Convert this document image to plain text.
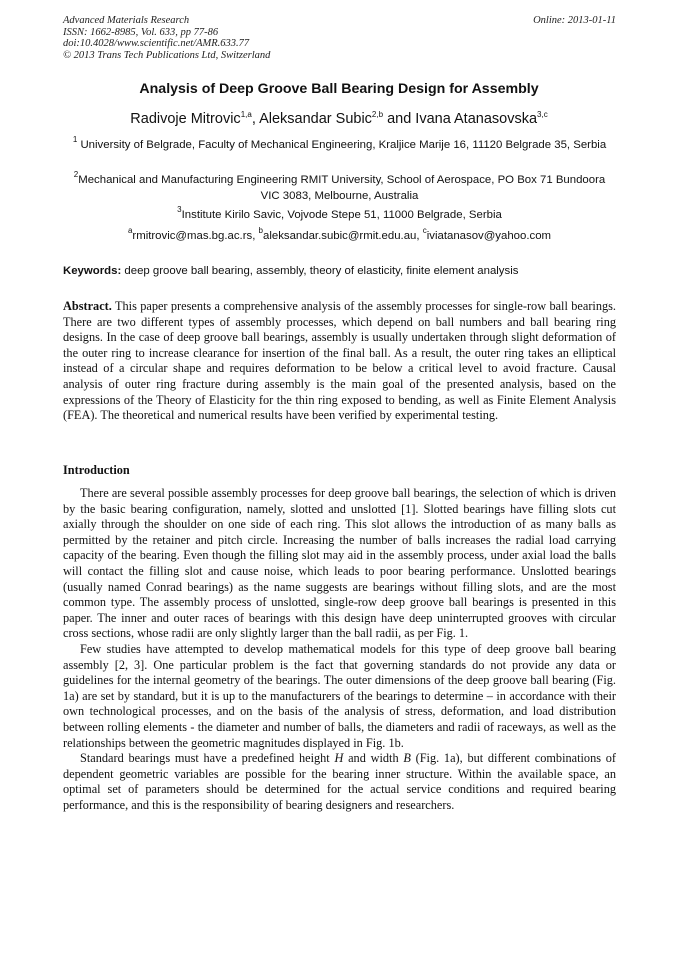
Advanced Materials Research
ISSN: 1662-8985, Vol. 633, pp 77-86
doi:10.4028/www.scientific.net/AMR.633.77
© 2013 Trans Tech Publications Ltd, Switzerland
Online: 2013-01-11
Analysis of Deep Groove Ball Bearing Design for Assembly
Radivoje Mitrovic$^{1,a}$, Aleksandar Subic$^{2,b}$ and Ivana Atanasovska$^{3,c}$
$^1$ University of Belgrade, Faculty of Mechanical Engineering, Kraljice Marije 16, 11120 Belgrade 35, Serbia
$^2$Mechanical and Manufacturing Engineering RMIT University, School of Aerospace, PO Box 71 Bundoora VIC 3083, Melbourne, Australia
$^3$Institute Kirilo Savic, Vojvode Stepe 51, 11000 Belgrade, Serbia
$^a$rmitrovic@mas.bg.ac.rs, $^b$aleksandar.subic@rmit.edu.au, $^c$iviatanasov@yahoo.com
Keywords: deep groove ball bearing, assembly, theory of elasticity, finite element analysis

Abstract. This paper presents a comprehensive analysis of the assembly processes for single-row ball bearings. There are two different types of assembly processes, which depend on ball numbers and ball bearing ring designs. In the case of deep groove ball bearings, assembly is usually undertaken through slight deformation of the outer ring to increase clearance for insertion of the final ball. As a result, the outer ring takes an elliptical instead of a circular shape and requires deformation to be below a critical level to avoid fracture. Causal analysis of outer ring fracture during assembly is the main goal of the presented analysis, based on the expressions of the Theory of Elasticity for the thin ring exposed to bending, as well as Finite Element Analysis (FEA). The theoretical and numerical results have been verified by experimental testing.

Introduction

There are several possible assembly processes for deep groove ball bearings, the selection of which is driven by the basic bearing configuration, namely, slotted and unslotted [1]. Slotted bearings have filling slots cut axially through the shoulder on one side of each ring. This slot allows the introduction of as many balls as permitted by the retainer and pitch circle. Increasing the number of balls increases the radial load carrying capacity of the bearing. Even though the filling slot may aid in the assembly process, under axial load the balls will contact the filling slot and cause noise, which leads to poor bearing performance. Unslotted bearings (usually named Conrad bearings) as the name suggests are bearings without filling slots, and are the most common type. The assembly process of unslotted, single-row deep groove ball bearings is presented in this paper. The inner and outer races of bearings with this design have deep uninterrupted grooves with circular cross sections, whose radii are only slightly larger than the ball radii, as per Fig. 1.

Few studies have attempted to develop mathematical models for this type of deep groove ball bearing assembly [2, 3]. One particular problem is the fact that governing standards do not provide any data or guidelines for the internal geometry of the bearings. The outer dimensions of the deep groove ball bearing (Fig. 1a) are set by standard, but it is up to the manufacturers of the bearings to determine – in accordance with their own technological processes, and on the basis of the analysis of stress, deformation, and load distribution between rolling elements - the diameter and number of balls, the diameters and radii of raceways, as well as the relationships between the geometric magnitudes displayed in Fig. 1b.

Standard bearings must have a predefined height H and width B (Fig. 1a), but different combinations of dependent geometric variables are possible for the bearing inner structure. Within the available space, an optimal set of parameters should be determined for the actual service conditions and required bearing performance, and this is the responsibility of bearing designers and researchers.
